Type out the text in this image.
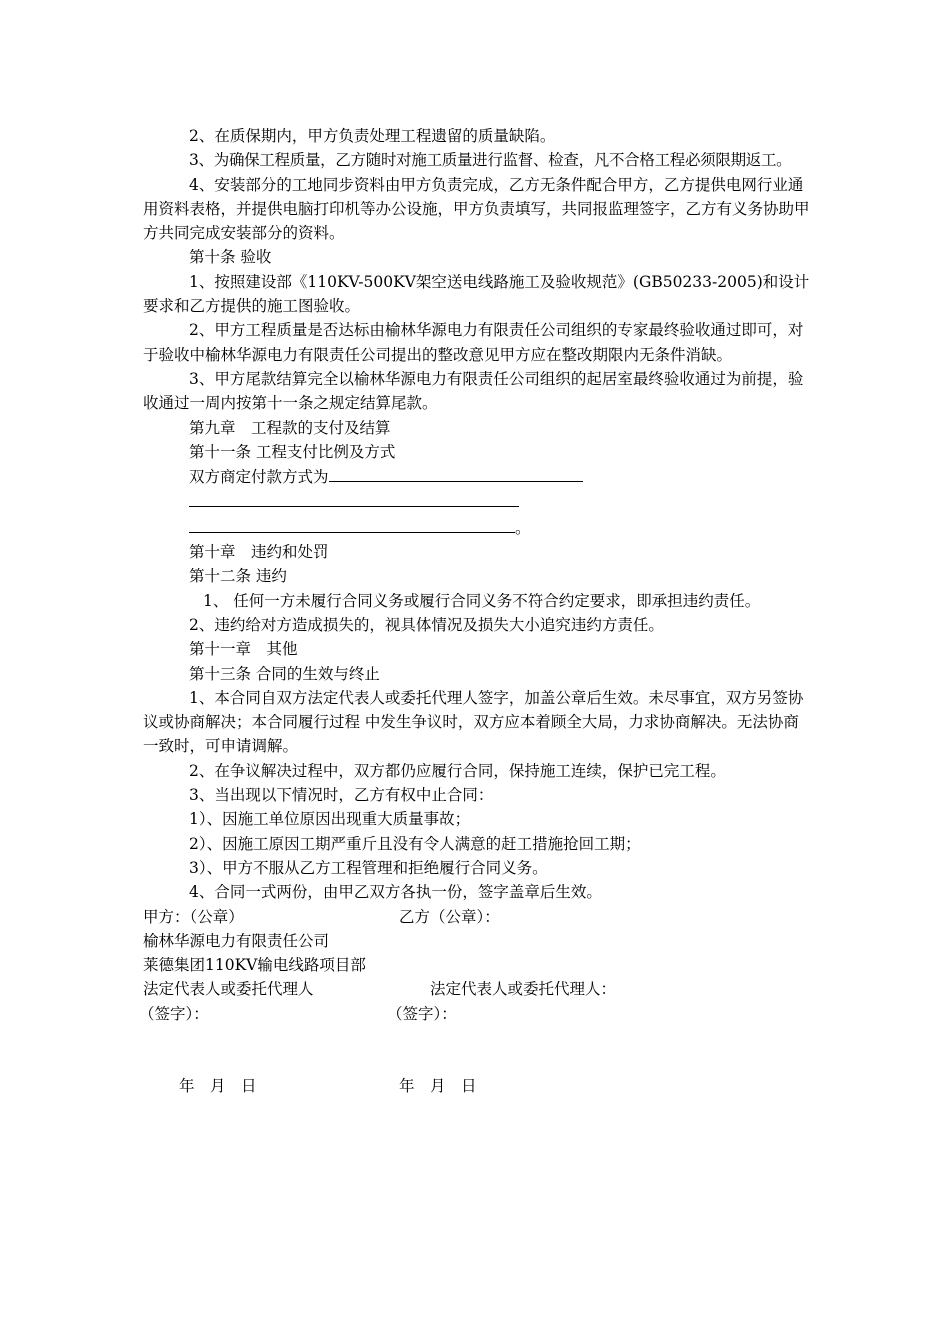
2、在质保期内，甲方负责处理工程遗留的质量缺陷。

3、为确保工程质量，乙方随时对施工质量进行监督、检查，凡不合格工程必须限期返工。

4、安装部分的工地同步资料由甲方负责完成，乙方无条件配合甲方，乙方提供电网行业通用资料表格，并提供电脑打印机等办公设施，甲方负责填写，共同报监理签字，乙方有义务协助甲方共同完成安装部分的资料。

第十条 验收

1、按照建设部《110KV-500KV架空送电线路施工及验收规范》(GB50233-2005)和设计要求和乙方提供的施工图验收。

2、甲方工程质量是否达标由榆林华源电力有限责任公司组织的专家最终验收通过即可，对于验收中榆林华源电力有限责任公司提出的整改意见甲方应在整改期限内无条件消缺。

3、甲方尾款结算完全以榆林华源电力有限责任公司组织的起居室最终验收通过为前提，验收通过一周内按第十一条之规定结算尾款。

第九章　工程款的支付及结算

第十一条 工程支付比例及方式

双方商定付款方式为

。

第十章　违约和处罚

第十二条 违约

1、 任何一方未履行合同义务或履行合同义务不符合约定要求，即承担违约责任。

2、违约给对方造成损失的，视具体情况及损失大小追究违约方责任。

第十一章　其他

第十三条 合同的生效与终止

1、本合同自双方法定代表人或委托代理人签字，加盖公章后生效。未尽事宜，双方另签协议或协商解决；本合同履行过程 中发生争议时，双方应本着顾全大局，力求协商解决。无法协商一致时，可申请调解。

2、在争议解决过程中，双方都仍应履行合同，保持施工连续，保护已完工程。

3、当出现以下情况时，乙方有权中止合同：

1）、因施工单位原因出现重大质量事故；

2）、因施工原因工期严重斤且没有令人满意的赶工措施抢回工期；

3）、甲方不服从乙方工程管理和拒绝履行合同义务。

4、合同一式两份，由甲乙双方各执一份，签字盖章后生效。

甲方：（公章）	乙方（公章）：
榆林华源电力有限责任公司
莱德集团110KV输电线路项目部
法定代表人或委托代理人	法定代表人或委托代理人：
（签字）：	（签字）：
年　月　日	年　月　日
